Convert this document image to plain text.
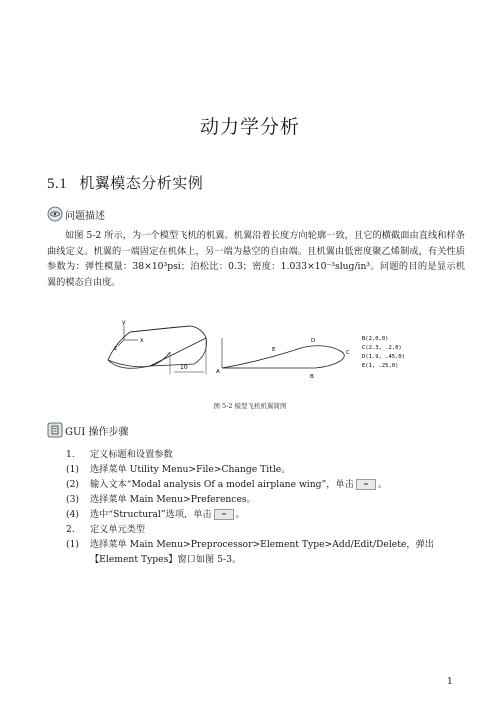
动力学分析
5.1 机翼模态分析实例
问题描述
如图 5-2 所示，为一个模型飞机的机翼。机翼沿着长度方向轮廓一致，且它的横截面由直线和样条曲线定义。机翼的一端固定在机体上，另一端为悬空的自由端。且机翼由低密度聚乙烯制成，有关性质参数为：弹性模量：38×10³psi；泊松比：0.3；密度：1.033×10⁻³slug/in³。问题的目的是显示机翼的模态自由度。
y
x
z
10
A
B
C
D
E
B(2,0,0)
C(2.3, .2,0)
D(1.9, .45,0)
E(1, .25,0)
图 5-2 模型飞机机翼简图
GUI 操作步骤
1. 定义标题和设置参数
(1) 选择菜单 Utility Menu>File>Change Title。
(2) 输入文本“Modal analysis Of a model airplane wing”，单击	。
(3) 选择菜单 Main Menu>Preferences。
(4) 选中“Structural”选项，单击	。
2. 定义单元类型
(1) 选择菜单 Main Menu>Preprocessor>Element Type>Add/Edit/Delete，弹出【Element Types】窗口如图 5-3。
1
